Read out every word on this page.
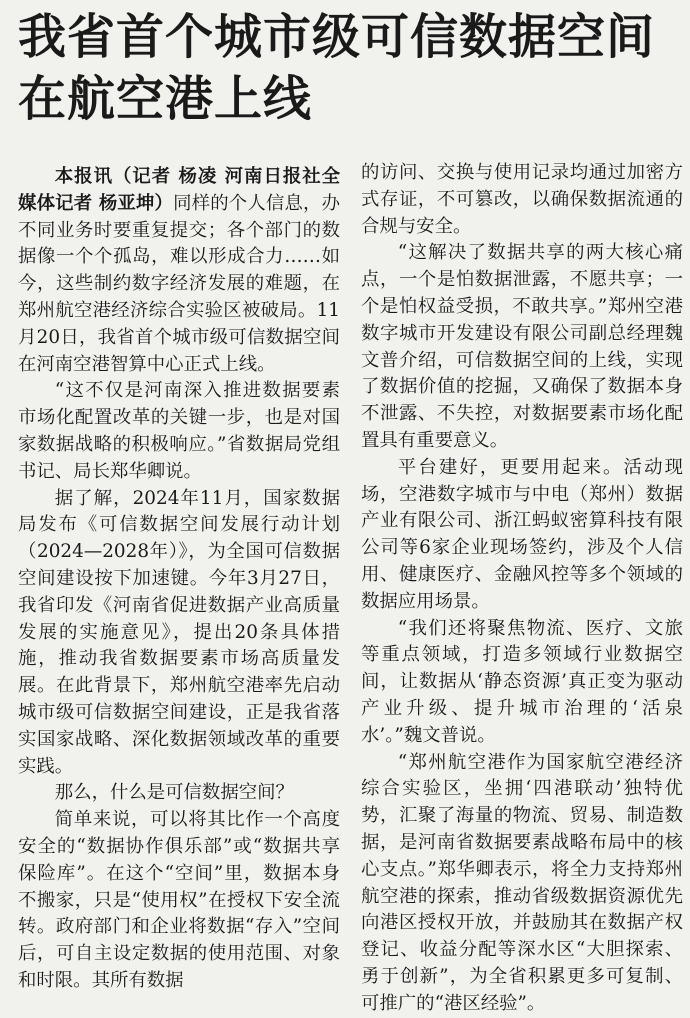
我省首个城市级可信数据空间
在航空港上线

本报讯（记者 杨凌 河南日报社全媒体记者 杨亚坤）同样的个人信息，办不同业务时要重复提交；各个部门的数据像一个个孤岛，难以形成合力……如今，这些制约数字经济发展的难题，在郑州航空港经济综合实验区被破局。11月20日，我省首个城市级可信数据空间在河南空港智算中心正式上线。

“这不仅是河南深入推进数据要素市场化配置改革的关键一步，也是对国家数据战略的积极响应。”省数据局党组书记、局长郑华卿说。

据了解，2024年11月，国家数据局发布《可信数据空间发展行动计划（2024—2028年）》，为全国可信数据空间建设按下加速键。今年3月27日，我省印发《河南省促进数据产业高质量发展的实施意见》，提出20条具体措施，推动我省数据要素市场高质量发展。在此背景下，郑州航空港率先启动城市级可信数据空间建设，正是我省落实国家战略、深化数据领域改革的重要实践。

那么，什么是可信数据空间？

简单来说，可以将其比作一个高度安全的“数据协作俱乐部”或“数据共享保险库”。在这个“空间”里，数据本身不搬家，只是“使用权”在授权下安全流转。政府部门和企业将数据“存入”空间后，可自主设定数据的使用范围、对象和时限。其所有数据

的访问、交换与使用记录均通过加密方式存证，不可篡改，以确保数据流通的合规与安全。

“这解决了数据共享的两大核心痛点，一个是怕数据泄露，不愿共享；一个是怕权益受损，不敢共享。”郑州空港数字城市开发建设有限公司副总经理魏文普介绍，可信数据空间的上线，实现了数据价值的挖掘，又确保了数据本身不泄露、不失控，对数据要素市场化配置具有重要意义。

平台建好，更要用起来。活动现场，空港数字城市与中电（郑州）数据产业有限公司、浙江蚂蚁密算科技有限公司等6家企业现场签约，涉及个人信用、健康医疗、金融风控等多个领域的数据应用场景。

“我们还将聚焦物流、医疗、文旅等重点领域，打造多领域行业数据空间，让数据从‘静态资源’真正变为驱动产业升级、提升城市治理的‘活泉水’。”魏文普说。

“郑州航空港作为国家航空港经济综合实验区，坐拥‘四港联动’独特优势，汇聚了海量的物流、贸易、制造数据，是河南省数据要素战略布局中的核心支点。”郑华卿表示，将全力支持郑州航空港的探索，推动省级数据资源优先向港区授权开放，并鼓励其在数据产权登记、收益分配等深水区“大胆探索、勇于创新”，为全省积累更多可复制、可推广的“港区经验”。
